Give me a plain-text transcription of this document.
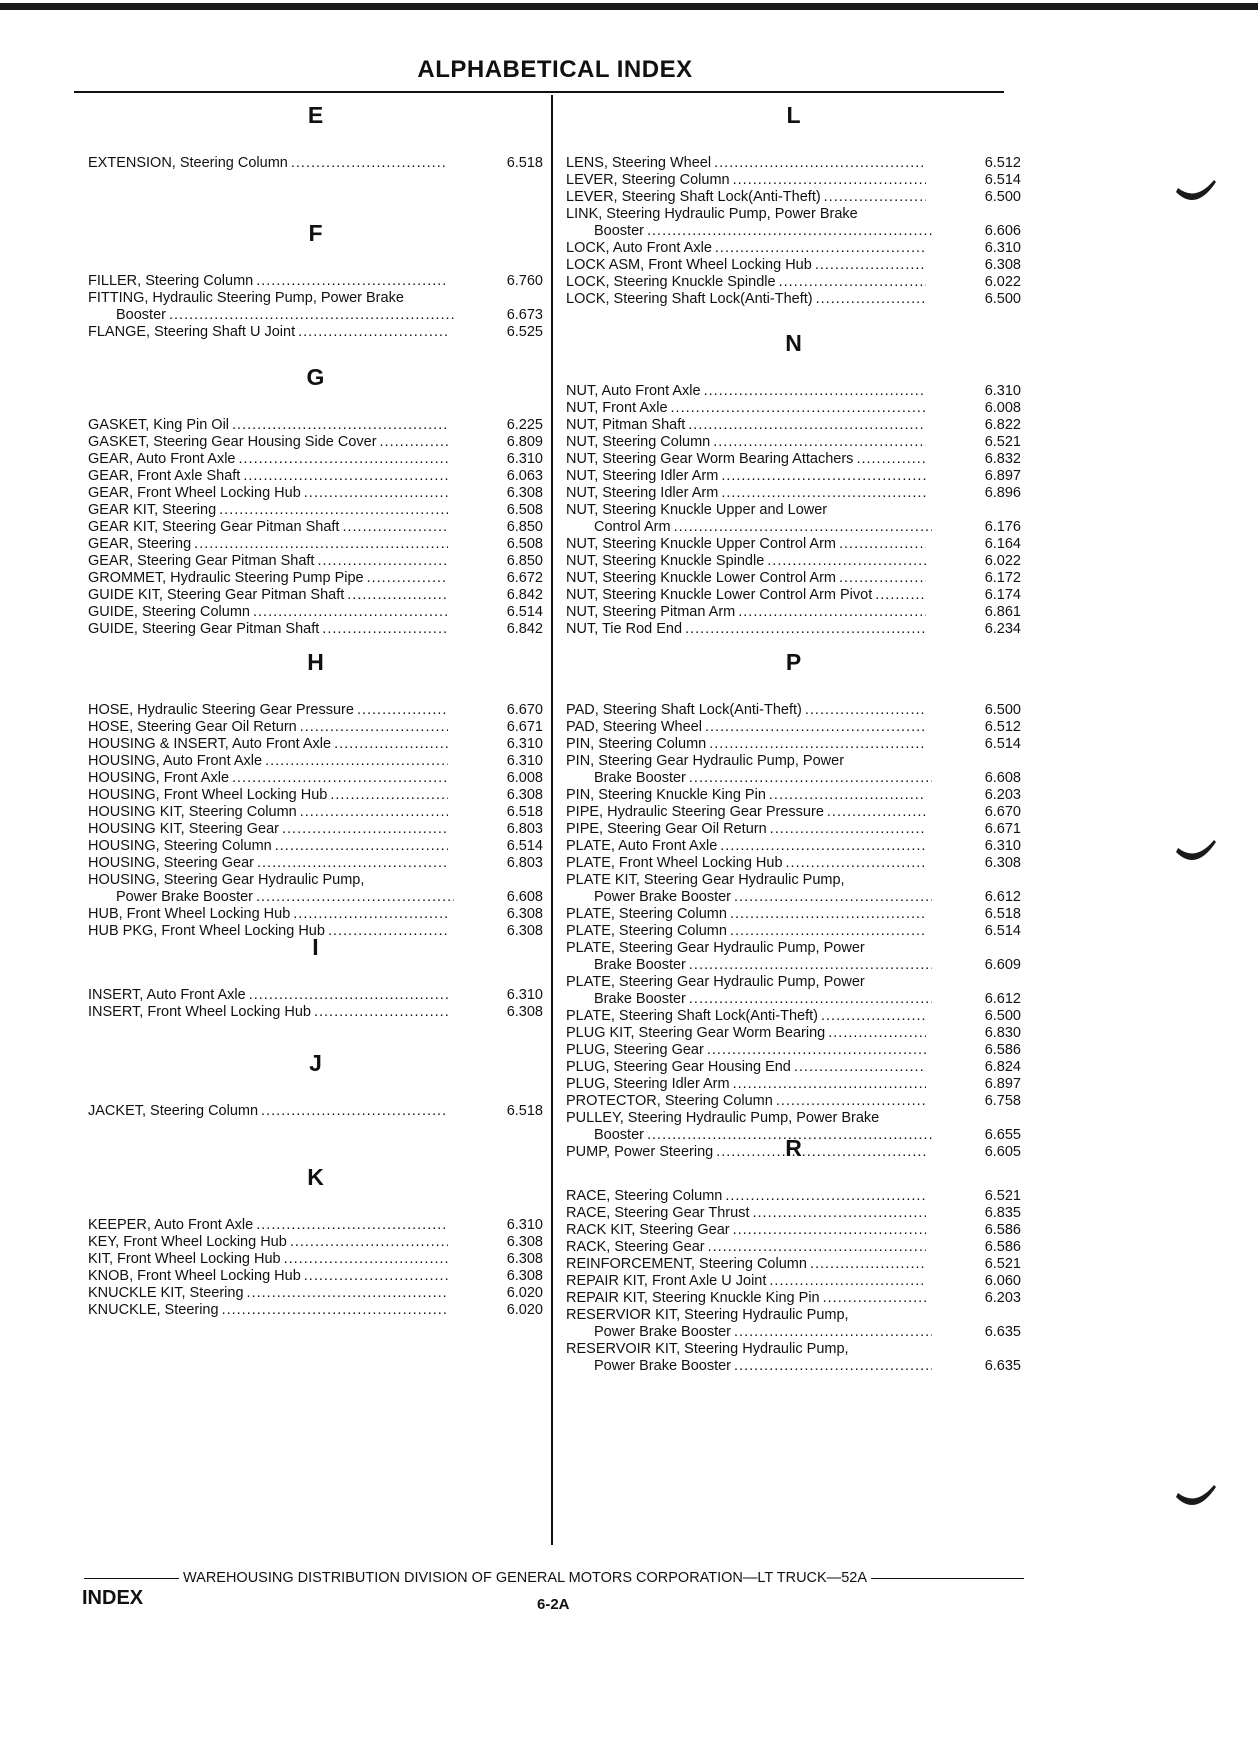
ALPHABETICAL INDEX
E
EXTENSION, Steering Column .....	6.518
F
FILLER, Steering Column .....	6.760
FITTING, Hydraulic Steering Pump, Power Brake
Booster .....	6.673
FLANGE, Steering Shaft U Joint .....	6.525
G
GASKET, King Pin Oil .....	6.225
GASKET, Steering Gear Housing Side Cover .....	6.809
GEAR, Auto Front Axle .....	6.310
GEAR, Front Axle Shaft .....	6.063
GEAR, Front Wheel Locking Hub .....	6.308
GEAR KIT, Steering .....	6.508
GEAR KIT, Steering Gear Pitman Shaft .....	6.850
GEAR, Steering .....	6.508
GEAR, Steering Gear Pitman Shaft .....	6.850
GROMMET, Hydraulic Steering Pump Pipe .....	6.672
GUIDE KIT, Steering Gear Pitman Shaft .....	6.842
GUIDE, Steering Column .....	6.514
GUIDE, Steering Gear Pitman Shaft .....	6.842
H
HOSE, Hydraulic Steering Gear Pressure .....	6.670
HOSE, Steering Gear Oil Return .....	6.671
HOUSING & INSERT, Auto Front Axle .....	6.310
HOUSING, Auto Front Axle .....	6.310
HOUSING, Front Axle .....	6.008
HOUSING, Front Wheel Locking Hub .....	6.308
HOUSING KIT, Steering Column .....	6.518
HOUSING KIT, Steering Gear .....	6.803
HOUSING, Steering Column .....	6.514
HOUSING, Steering Gear .....	6.803
HOUSING, Steering Gear Hydraulic Pump,
Power Brake Booster .....	6.608
HUB, Front Wheel Locking Hub .....	6.308
HUB PKG, Front Wheel Locking Hub .....	6.308
I
INSERT, Auto Front Axle .....	6.310
INSERT, Front Wheel Locking Hub .....	6.308
J
JACKET, Steering Column .....	6.518
K
KEEPER, Auto Front Axle .....	6.310
KEY, Front Wheel Locking Hub .....	6.308
KIT, Front Wheel Locking Hub .....	6.308
KNOB, Front Wheel Locking Hub .....	6.308
KNUCKLE KIT, Steering .....	6.020
KNUCKLE, Steering .....	6.020
L
LENS, Steering Wheel .....	6.512
LEVER, Steering Column .....	6.514
LEVER, Steering Shaft Lock(Anti-Theft) .....	6.500
LINK, Steering Hydraulic Pump, Power Brake
Booster .....	6.606
LOCK, Auto Front Axle .....	6.310
LOCK ASM, Front Wheel Locking Hub .....	6.308
LOCK, Steering Knuckle Spindle .....	6.022
LOCK, Steering Shaft Lock(Anti-Theft) .....	6.500
N
NUT, Auto Front Axle .....	6.310
NUT, Front Axle .....	6.008
NUT, Pitman Shaft .....	6.822
NUT, Steering Column .....	6.521
NUT, Steering Gear Worm Bearing Attachers .....	6.832
NUT, Steering Idler Arm .....	6.897
NUT, Steering Idler Arm .....	6.896
NUT, Steering Knuckle Upper and Lower
Control Arm .....	6.176
NUT, Steering Knuckle Upper Control Arm .....	6.164
NUT, Steering Knuckle Spindle .....	6.022
NUT, Steering Knuckle Lower Control Arm .....	6.172
NUT, Steering Knuckle Lower Control Arm Pivot .....	6.174
NUT, Steering Pitman Arm .....	6.861
NUT, Tie Rod End .....	6.234
P
PAD, Steering Shaft Lock(Anti-Theft) .....	6.500
PAD, Steering Wheel .....	6.512
PIN, Steering Column .....	6.514
PIN, Steering Gear Hydraulic Pump, Power
Brake Booster .....	6.608
PIN, Steering Knuckle King Pin .....	6.203
PIPE, Hydraulic Steering Gear Pressure .....	6.670
PIPE, Steering Gear Oil Return .....	6.671
PLATE, Auto Front Axle .....	6.310
PLATE, Front Wheel Locking Hub .....	6.308
PLATE KIT, Steering Gear Hydraulic Pump,
Power Brake Booster .....	6.612
PLATE, Steering Column .....	6.518
PLATE, Steering Column .....	6.514
PLATE, Steering Gear Hydraulic Pump, Power
Brake Booster .....	6.609
PLATE, Steering Gear Hydraulic Pump, Power
Brake Booster .....	6.612
PLATE, Steering Shaft Lock(Anti-Theft) .....	6.500
PLUG KIT, Steering Gear Worm Bearing .....	6.830
PLUG, Steering Gear .....	6.586
PLUG, Steering Gear Housing End .....	6.824
PLUG, Steering Idler Arm .....	6.897
PROTECTOR, Steering Column .....	6.758
PULLEY, Steering Hydraulic Pump, Power Brake
Booster .....	6.655
PUMP, Power Steering .....	6.605
R
RACE, Steering Column .....	6.521
RACE, Steering Gear Thrust .....	6.835
RACK KIT, Steering Gear .....	6.586
RACK, Steering Gear .....	6.586
REINFORCEMENT, Steering Column .....	6.521
REPAIR KIT, Front Axle U Joint .....	6.060
REPAIR KIT, Steering Knuckle King Pin .....	6.203
RESERVIOR KIT, Steering Hydraulic Pump,
Power Brake Booster .....	6.635
RESERVOIR KIT, Steering Hydraulic Pump,
Power Brake Booster .....	6.635
WAREHOUSING DISTRIBUTION DIVISION OF GENERAL MOTORS CORPORATION—LT TRUCK—52A
INDEX	6-2A
